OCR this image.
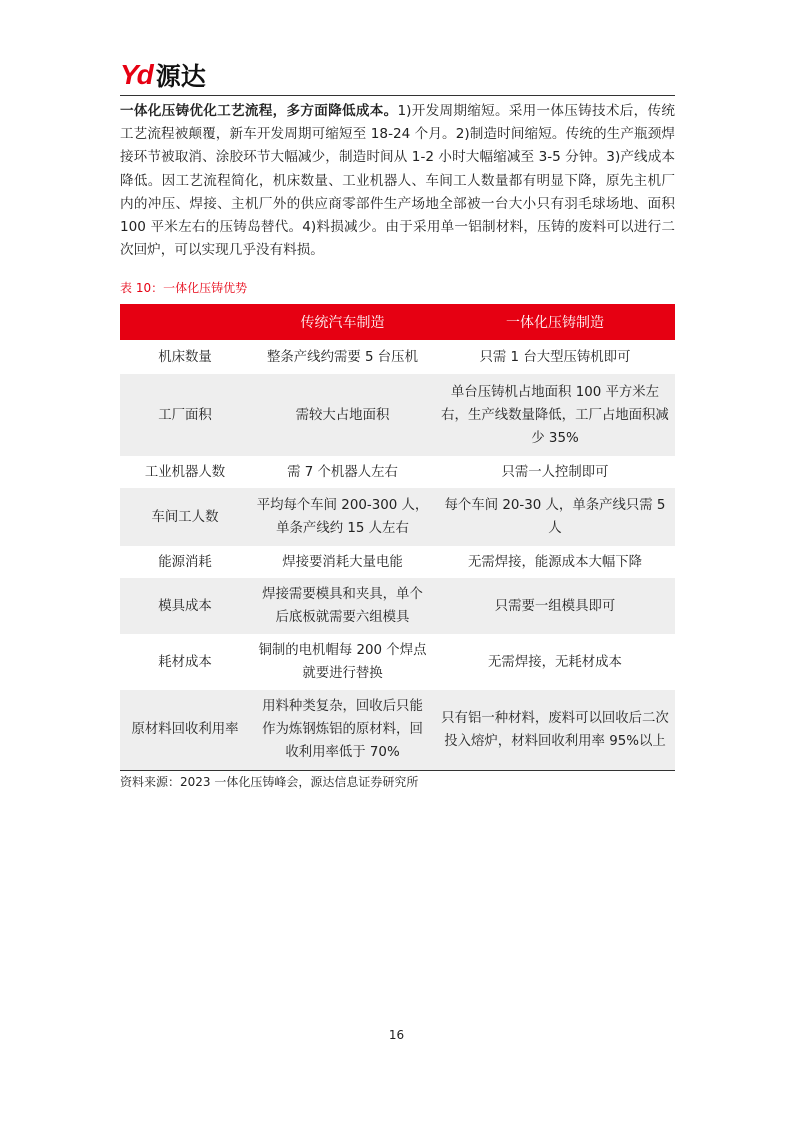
Yd 源达

一体化压铸优化工艺流程，多方面降低成本。1)开发周期缩短。采用一体压铸技术后，传统工艺流程被颠覆，新车开发周期可缩短至 18-24 个月。2)制造时间缩短。传统的生产瓶颈焊接环节被取消、涂胶环节大幅减少，制造时间从 1-2 小时大幅缩减至 3-5 分钟。3)产线成本降低。因工艺流程简化，机床数量、工业机器人、车间工人数量都有明显下降，原先主机厂内的冲压、焊接、主机厂外的供应商零部件生产场地全部被一台大小只有羽毛球场地、面积 100 平米左右的压铸岛替代。4)料损减少。由于采用单一铝制材料，压铸的废料可以进行二次回炉，可以实现几乎没有料损。

表 10：一体化压铸优势
	传统汽车制造	一体化压铸制造
机床数量	整条产线约需要 5 台压机	只需 1 台大型压铸机即可
工厂面积	需较大占地面积	单台压铸机占地面积 100 平方米左右，生产线数量降低，工厂占地面积减少 35%
工业机器人数	需 7 个机器人左右	只需一人控制即可
车间工人数	平均每个车间 200-300 人，单条产线约 15 人左右	每个车间 20-30 人，单条产线只需 5 人
能源消耗	焊接要消耗大量电能	无需焊接，能源成本大幅下降
模具成本	焊接需要模具和夹具，单个后底板就需要六组模具	只需要一组模具即可
耗材成本	铜制的电机帽每 200 个焊点就要进行替换	无需焊接，无耗材成本
原材料回收利用率	用料种类复杂，回收后只能作为炼钢炼铝的原材料，回收利用率低于 70%	只有铝一种材料，废料可以回收后二次投入熔炉，材料回收利用率 95%以上
资料来源：2023 一体化压铸峰会，源达信息证券研究所
16
